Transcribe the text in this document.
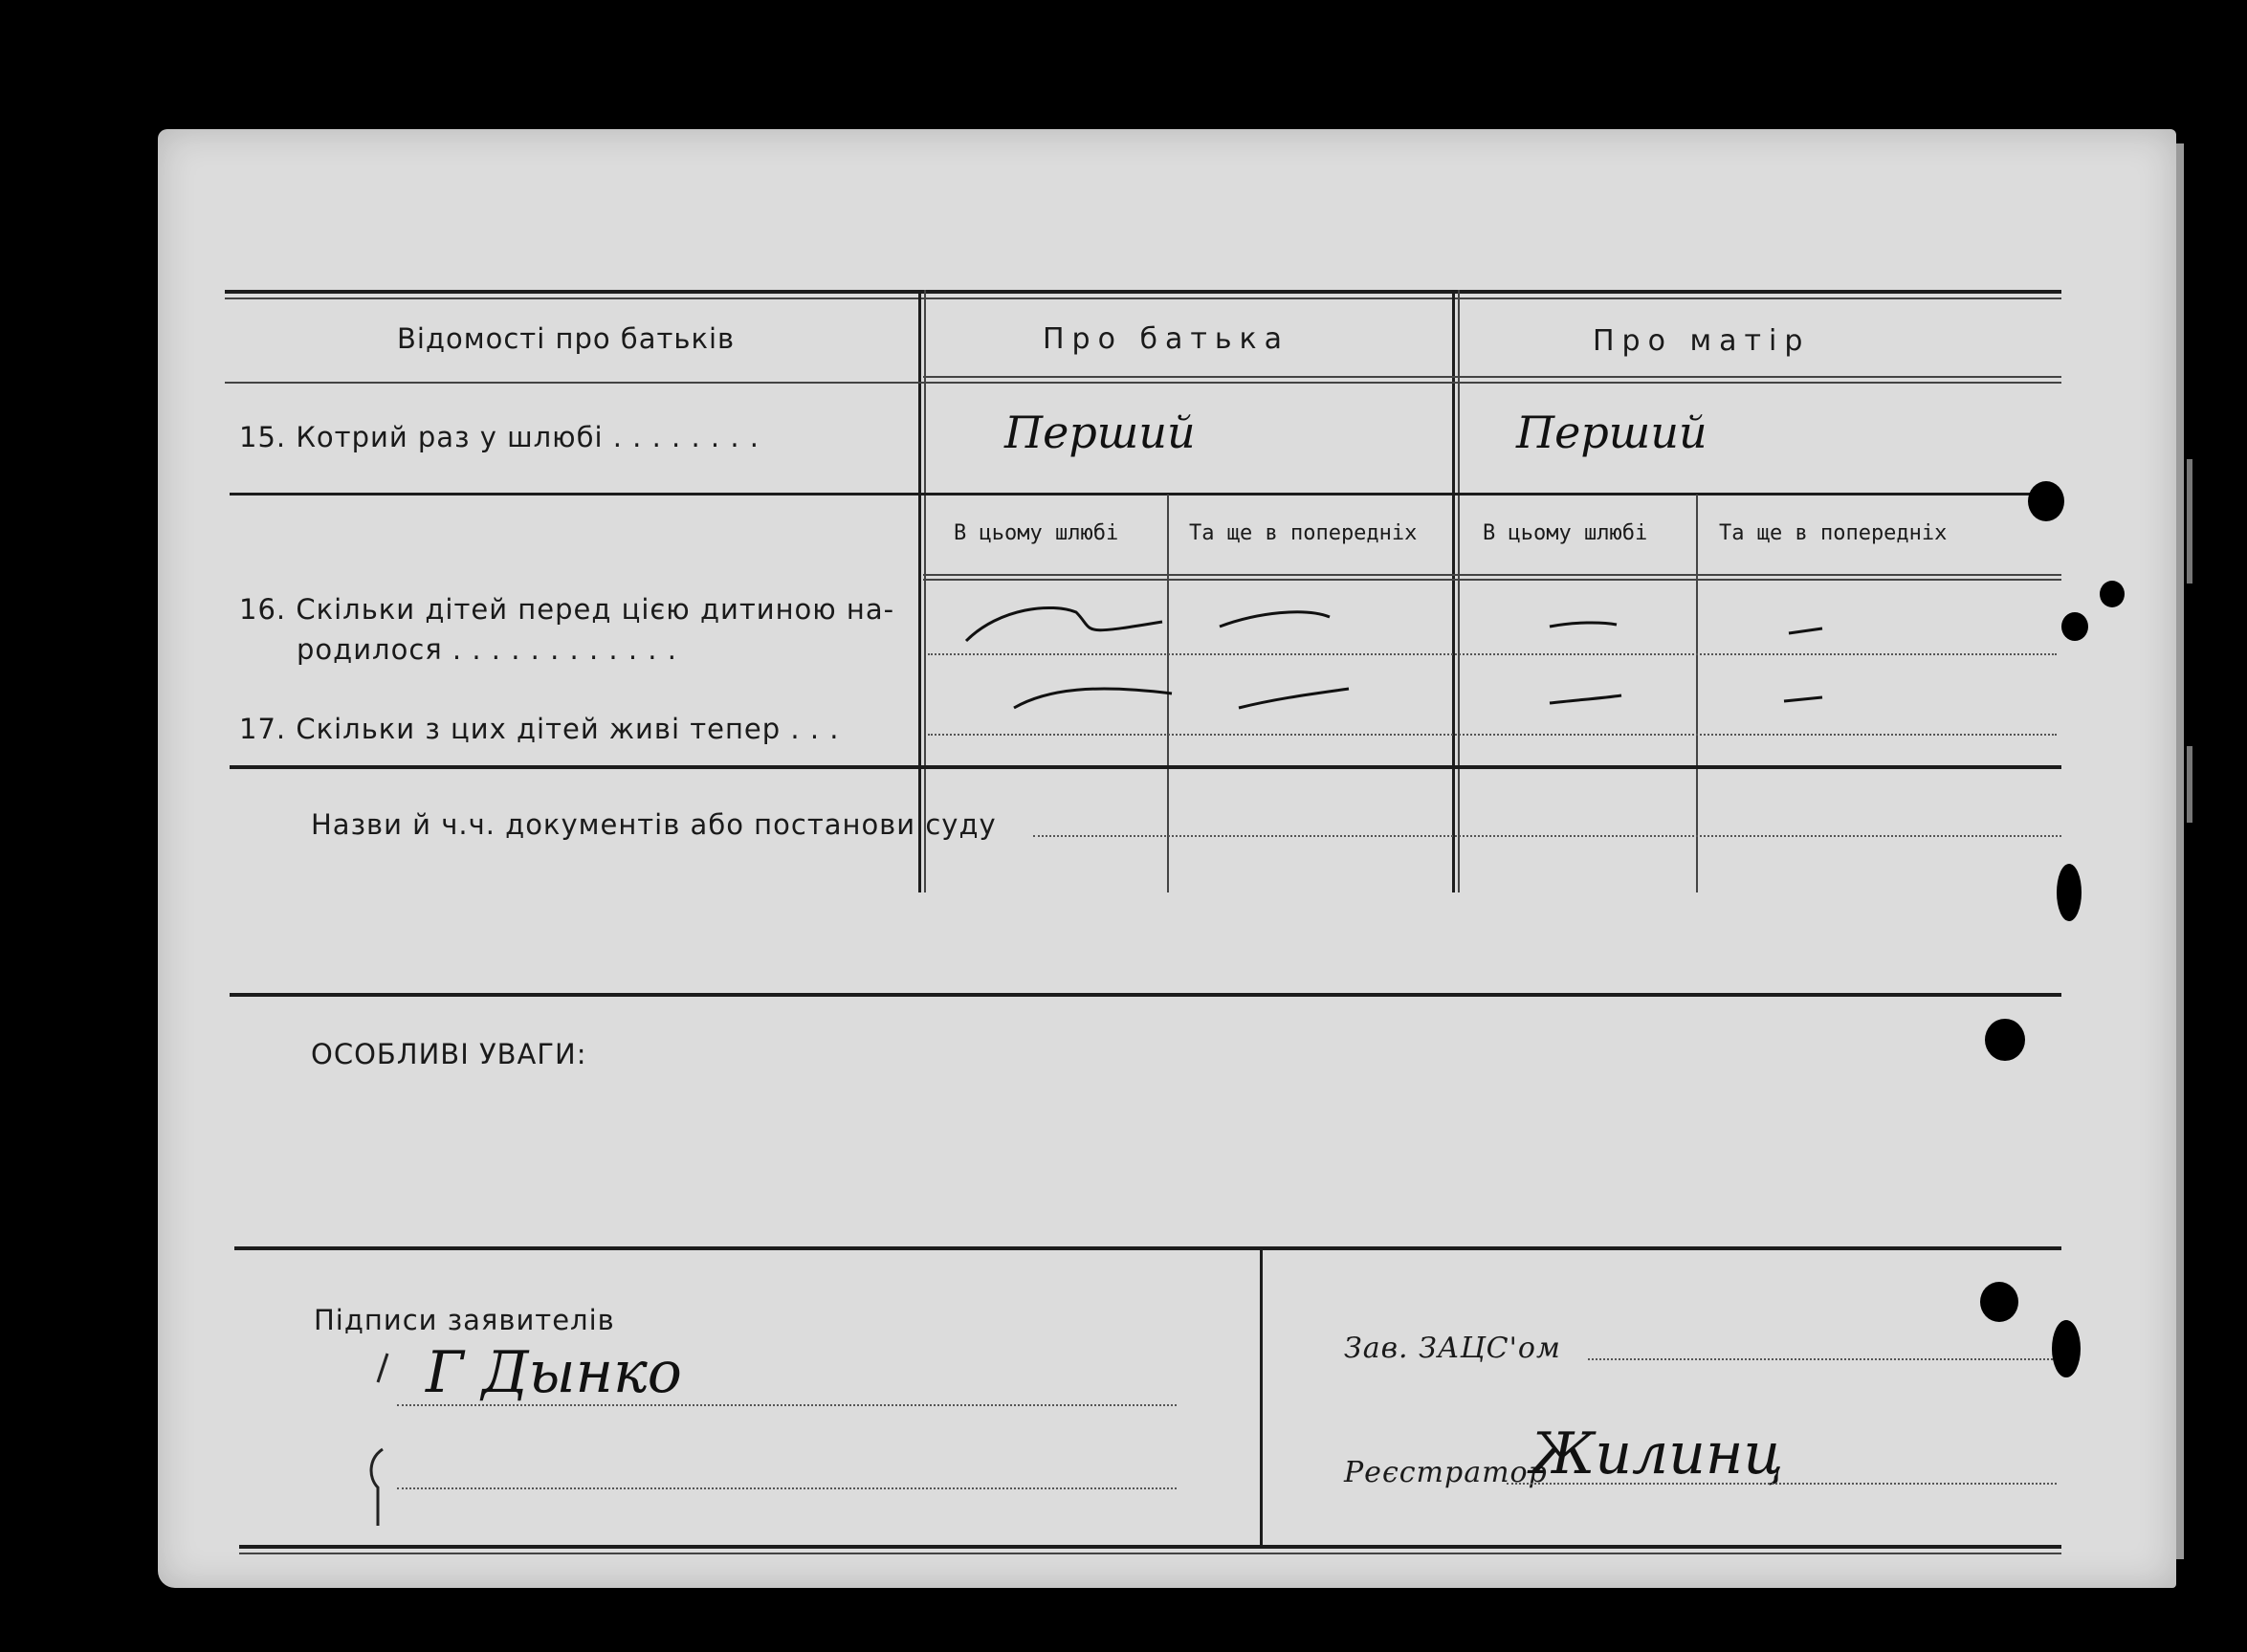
Відомості про батьків	Про батька	Про матір
15. Котрий раз у шлюбі . . . . . . . .	Перший	Перший
В цьому шлюбі	Та ще в попередніх	В цьому шлюбі	Та ще в попередніх
16. Скільки дітей перед цією дитиною на-
родилося . . . . . . . . . . . .
17. Скільки з цих дітей живі тепер . . .
Назви й ч.ч. документів або постанови суду
ОСОБЛИВІ УВАГИ:
Підписи заявителів
Г Дынко	Зав. ЗАЦС'ом
Реєстратор
Жилинц
